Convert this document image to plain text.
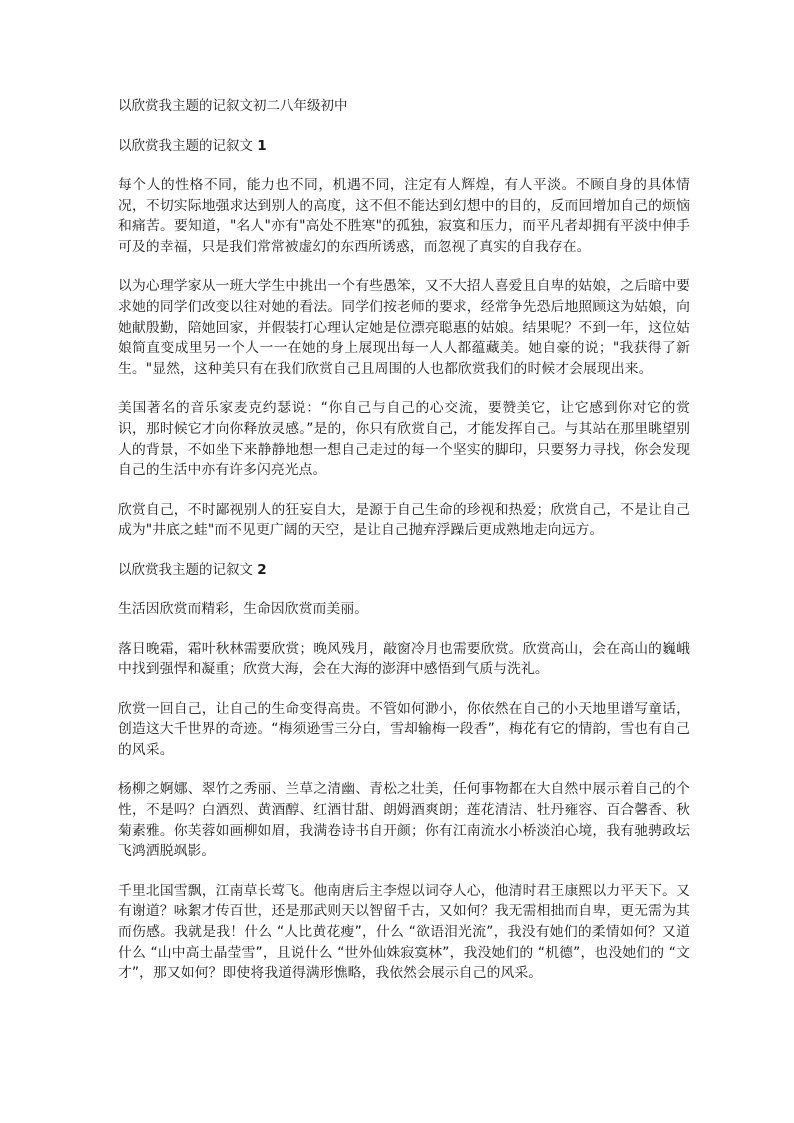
以欣赏我主题的记叙文初二八年级初中
以欣赏我主题的记叙文 1

每个人的性格不同，能力也不同，机遇不同，注定有人辉煌，有人平淡。不顾自身的具体情况，不切实际地强求达到别人的高度，这不但不能达到幻想中的目的，反而回增加自己的烦恼和痛苦。要知道，"名人"亦有"高处不胜寒"的孤独，寂寞和压力，而平凡者却拥有平淡中伸手可及的幸福，只是我们常常被虚幻的东西所诱惑，而忽视了真实的自我存在。

以为心理学家从一班大学生中挑出一个有些愚笨，又不大招人喜爱且自卑的姑娘，之后暗中要求她的同学们改变以往对她的看法。同学们按老师的要求，经常争先恐后地照顾这为姑娘，向她献殷勤，陪她回家，并假装打心理认定她是位漂亮聪惠的姑娘。结果呢？不到一年，这位姑娘简直变成里另一个人一一在她的身上展现出每一人人都蕴藏美。她自豪的说；"我获得了新生。"显然，这种美只有在我们欣赏自己且周围的人也都欣赏我们的时候才会展现出来。

美国著名的音乐家麦克约瑟说：“你自己与自己的心交流，要赞美它，让它感到你对它的赏识，那时候它才向你释放灵感。”是的，你只有欣赏自己，才能发挥自己。与其站在那里眺望别人的背景，不如坐下来静静地想一想自己走过的每一个坚实的脚印，只要努力寻找，你会发现自己的生活中亦有许多闪亮光点。

欣赏自己，不时鄙视别人的狂妄自大，是源于自己生命的珍视和热爱；欣赏自己，不是让自己成为"井底之蛙"而不见更广阔的天空，是让自己抛弃浮躁后更成熟地走向远方。

以欣赏我主题的记叙文 2

生活因欣赏而精彩，生命因欣赏而美丽。

落日晚霜，霜叶秋林需要欣赏；晚风残月，敲窗冷月也需要欣赏。欣赏高山，会在高山的巍峨中找到强悍和凝重；欣赏大海，会在大海的澎湃中感悟到气质与洗礼。

欣赏一回自己，让自己的生命变得高贵。不管如何渺小，你依然在自己的小天地里谱写童话，创造这大千世界的奇迹。“梅须逊雪三分白，雪却输梅一段香”，梅花有它的情韵，雪也有自己的风采。

杨柳之婀娜、翠竹之秀丽、兰草之清幽、青松之壮美，任何事物都在大自然中展示着自己的个性，不是吗？白酒烈、黄酒醇、红酒甘甜、朗姆酒爽朗；莲花清洁、牡丹雍容、百合馨香、秋菊素雅。你芙蓉如画柳如眉，我满卷诗书自开颜；你有江南流水小桥淡泊心境，我有驰骋政坛飞鸿洒脱飒影。

千里北国雪飘，江南草长莺飞。他南唐后主李煜以词夺人心，他清时君王康熙以力平天下。又有谢道？咏絮才传百世，还是那武则天以智留千古，又如何？我无需相拙而自卑，更无需为其而伤感。我就是我！什么 “人比黄花瘦”，什么 “欲语泪光流”，我没有她们的柔情如何？又道什么 “山中高士晶莹雪”，且说什么 “世外仙姝寂寞林”，我没她们的 “机德”，也没她们的 “文才”，那又如何？即使将我道得满形憔略，我依然会展示自己的风采。
